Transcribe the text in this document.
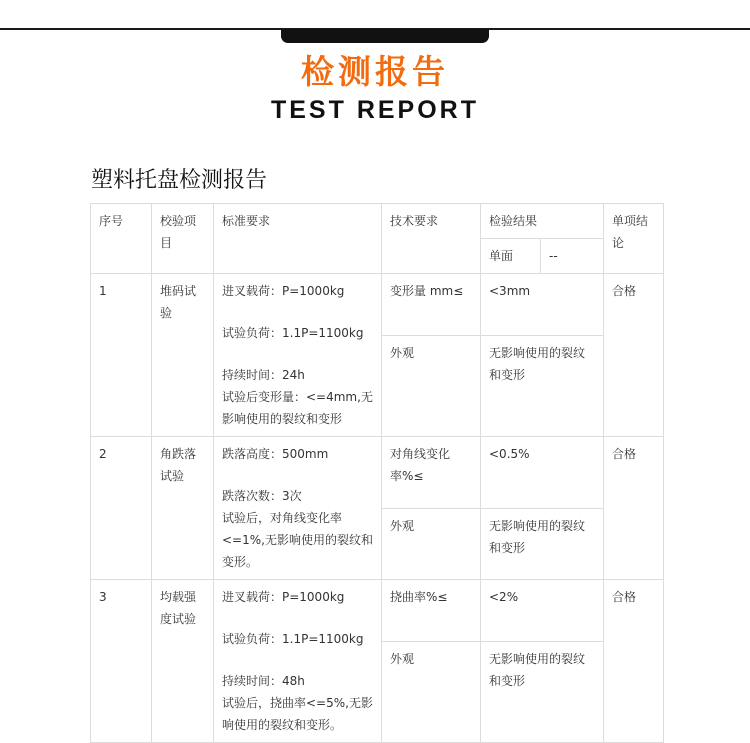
检测报告
TEST REPORT
塑料托盘检测报告
序号	校验项目	标准要求	技术要求	检验结果		单项结论
				单面	--	
1	堆码试验	进叉载荷：P=1000kg
试验负荷：1.1P=1100kg
持续时间：24h
试验后变形量：<=4mm,无影响使用的裂纹和变形	变形量 mm≤	<3mm		合格
			外观	无影响使用的裂纹和变形		
2	角跌落试验	跌落高度：500mm
跌落次数：3次
试验后，对角线变化率<=1%,无影响使用的裂纹和变形。	对角线变化率%≤	<0.5%		合格
			外观	无影响使用的裂纹和变形		
3	均载强度试验	进叉载荷：P=1000kg
试验负荷：1.1P=1100kg
持续时间：48h
试验后，挠曲率<=5%,无影响使用的裂纹和变形。	挠曲率%≤	<2%		合格
			外观	无影响使用的裂纹和变形		
